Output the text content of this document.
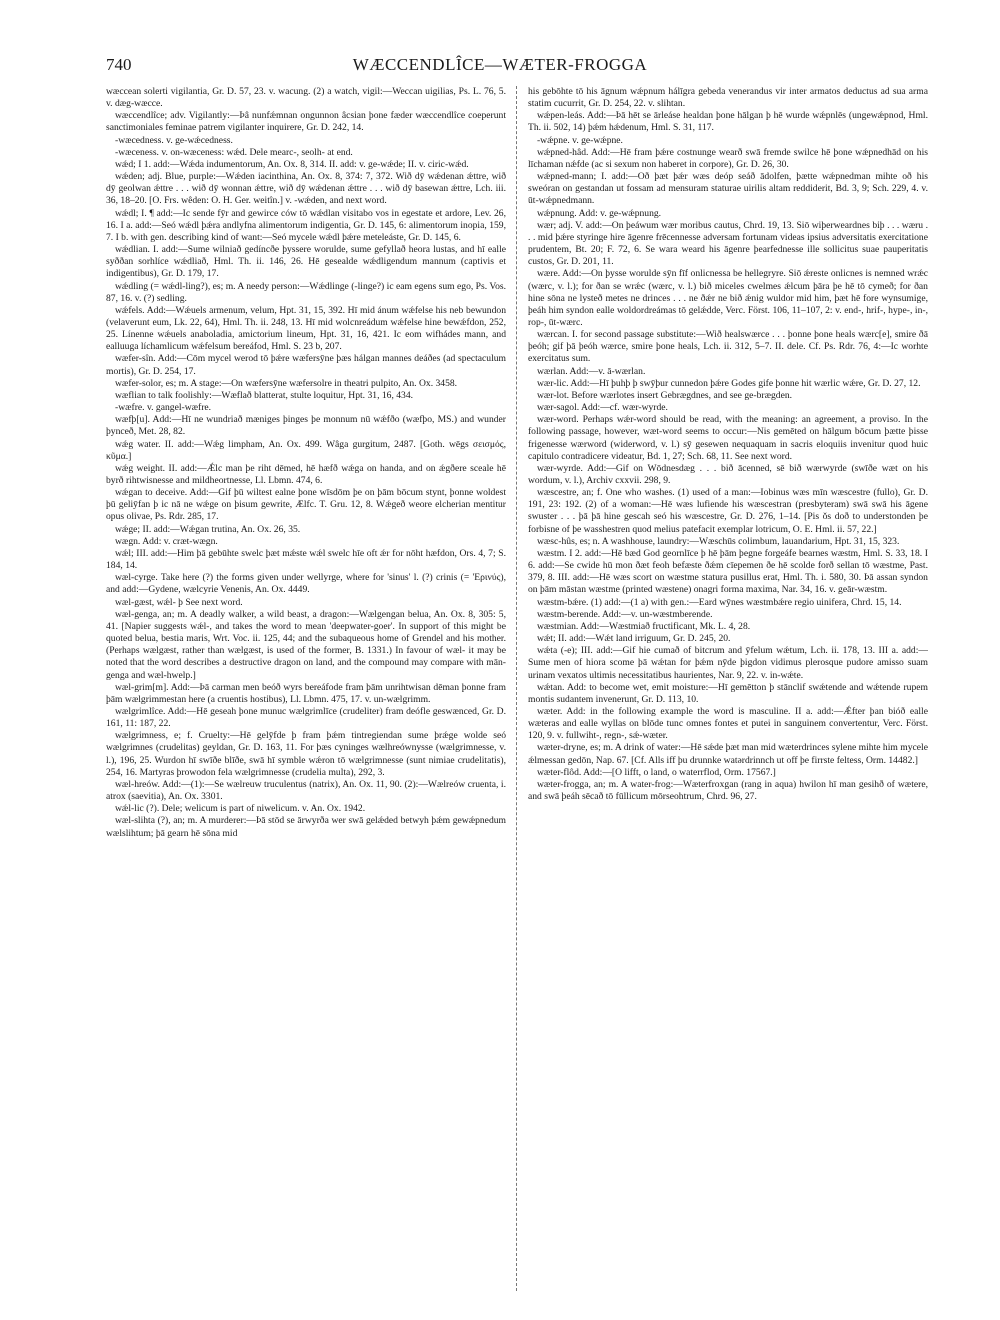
740	WÆCCENDLÎCE—WÆTER-FROGGA

wæccean solerti vigilantia, Gr. D. 57, 23. v. wacung. (2) a watch, vigil:—Weccan uigilias, Ps. L. 76, 5. v. dæg-wæcce.

wæccendlîce; adv. Vigilantly:—Þâ nunfǽmnan ongunnon âcsian þone fæder wæccendlîce coeperunt sanctimoniales feminae patrem vigilanter inquirere, Gr. D. 242, 14.

-wæcedness. v. ge-wǽcedness.

-wæceness. v. on-wæceness: wǽd. Dele mearc-, seolh- at end.

wǽd; I 1. add:—Wǽda indumentorum, An. Ox. 8, 314. II. add: v. ge-wǽde; II. v. ciric-wǽd.

wǽden; adj. Blue, purple:—Wǽden iacinthina, An. Ox. 8, 374: 7, 372. Wið dȳ wǽdenan ǽttre, wið dȳ geolwan ǽttre . . . wið dȳ wonnan ǽttre, wið dȳ wǽdenan ǽttre . . . wið dȳ basewan ǽttre, Lch. iii. 36, 18–20. [O. Frs. wêden: O. H. Ger. weitîn.] v. -wǽden, and next word.

wǽdl; I. ¶ add:—Ic sende fȳr and gewirce ców tō wǽdlan visitabo vos in egestate et ardore, Lev. 26, 16. I a. add:—Seó wǽdl þǽra andlyfna alimentorum indigentia, Gr. D. 145, 6: alimentorum inopia, 159, 7. I b. with gen. describing kind of want:—Seó mycele wǽdl þǽre meteleáste, Gr. D. 145, 6.

wǽdlian. I. add:—Sume wilniað gedíncðe þyssere woruldе, sume gefyllað heora lustas, and hī ealle syððan sorhlíce wǽdliað, Hml. Th. ii. 146, 26. Hē gesealde wǽdligendum mannum (captivis et indigentibus), Gr. D. 179, 17.

wǽdling (= wǽdl-ling?), es; m. A needy person:—Wǽdlinge (-linge?) ic eam egens sum ego, Ps. Vos. 87, 16. v. (?) sedling.

wǽfels. Add:—Wǽuels armenum, velum, Hpt. 31, 15, 392. Hī mid ánum wǽfelse his neb bewundon (velaverunt eum, Lk. 22, 64), Hml. Th. ii. 248, 13. Hī mid wolcnreádum wǽfelse hine bewǽfdon, 252, 25. Línenne wǽuels anaboladia, amictorium lineum, Hpt. 31, 16, 421. Ic eom wifhádes mann, and ealluuga líchamlicum wǽfelsum bereáfod, Hml. S. 23 b, 207.

wæfer-sîn. Add:—Cōm mycel werod tō þǽre wæfersȳne þæs hálgan mannes deáðes (ad spectaculum mortis), Gr. D. 254, 17.

wæfer-solor, es; m. A stage:—On wæfersȳne wæfersolre in theatri pulpito, An. Ox. 3458.

wæflian to talk foolishly:—Wæflað blatterat, stulte loquitur, Hpt. 31, 16, 434.

-wæfre. v. gangel-wæfre.

wæfþ[u]. Add:—Hī ne wundriað mæniges þinges þe monnum nū wǽfðo (wæfþo, MS.) and wunder þynceð, Met. 28, 82.

wǽg water. II. add:—Wǽg limpham, An. Ox. 499. Wâga gurgitum, 2487. [Goth. wēgs σεισμός, κῦμα.]

wǽg weight. II. add:—Ǽlc man þe riht dēmed, hē hæfð wǽga on handa, and on ǽgðere sceale hē byrð rihtwisnesse and mildheortnesse, Ll. Lbmn. 474, 6.

wǽgan to deceive. Add:—Gif þū wiltest ealne þone wīsdōm þe on þām bōcum stynt, þonne woldest þū geliȳfan þ ic nā ne wǽge on þisum gewrite, Ælfc. T. Gru. 12, 8. Wǽgeð weore elcherian mentitur opus olivae, Ps. Rdr. 285, 17.

wǽge; II. add:—Wǽgan trutina, An. Ox. 26, 35.

wægn. Add: v. cræt-wægn.

wǽl; III. add:—Him þā gebūhte swelc þæt mǽste wǽl swelc hīe oft ǽr for nōht hæfdon, Ors. 4, 7; S. 184, 14.

wæl-cyrge. Take here (?) the forms given under wellyrge, where for 'sinus' l. (?) crinis (= 'Ερινύς), and add:—Gydene, wælcyrie Venenis, An. Ox. 4449.

wæl-gæst, wǽl- þ See next word.

wæl-genga, an; m. A deadly walker, a wild beast, a dragon:—Wælgengan belua, An. Ox. 8, 305: 5, 41. [Napier suggests wǽl-, and takes the word to mean 'deepwater-goer'. In support of this might be quoted belua, bestia maris, Wrt. Voc. ii. 125, 44; and the subaqueous home of Grendel and his mother. (Perhaps wælgæst, rather than wælgæst, is used of the former, B. 1331.) In favour of wæl- it may be noted that the word describes a destructive dragon on land, and the compound may compare with mān-genga and wæl-hwelp.]

wæl-grim[m]. Add:—Þā carman men beóð wyrs bereáfode fram þām unrihtwisan dēman þonne fram þām wælgrimmestan here (a cruentis hostibus), Ll. Lbmn. 475, 17. v. un-wælgrimm.

wælgrimlîce. Add:—Hē geseah þone munuc wælgrimlīce (crudeliter) fram deófle geswænced, Gr. D. 161, 11: 187, 22.

wælgrimness, e; f. Cruelty:—Hē gelȳfde þ fram þǽm tintregiendan sume þrǽge wolde seó wælgrimnes (crudelitas) geyldan, Gr. D. 163, 11. For þæs cyninges wælhreównysse (wælgrimnesse, v. l.), 196, 25. Wurdon hī swīðe blīðe, swā hī symble wǽron tō wælgrimnesse (sunt nimiae crudelitatis), 254, 16. Martyras þrowodon fela wælgrimnesse (crudelia multa), 292, 3.

wæl-hreów. Add:—(1):—Se wælreuw truculentus (natrix), An. Ox. 11, 90. (2):—Wælreów cruenta, i. atrox (saevitia), An. Ox. 3301.

wǽl-lic (?). Dele; welicum is part of niwelicum. v. An. Ox. 1942.

wæl-slihta (?), an; m. A murderer:—Þā stōd se ārwyrða wer swā gelǽded betwyh þǽm gewǽpnedum wælslihtum; þā gearn hē sōna mid

his gebōhte tō his āgnum wǽpnum hálīgra gebeda venerandus vir inter armatos deductus ad sua arma statim cucurrit, Gr. D. 254, 22. v. slihtan.

wǽpen-leás. Add:—Þā hēt se ārleáse healdan þone hālgan þ hē wurde wǽpnlēs (ungewǽpnod, Hml. Th. ii. 502, 14) þǽm hǽdenum, Hml. S. 31, 117.

-wǽpne. v. ge-wǽpne.

wǽpned-hâd. Add:—Hē fram þǽre costnunge wearð swā fremde swilce hē þone wǽpnedhād on his līchaman nǽfde (ac si sexum non haberet in corpore), Gr. D. 26, 30.

wǽpned-mann; I. add:—Oð þæt þǽr wæs deóp seáð ādolfen, þætte wǽpnedman mihte oð his sweóran on gestandan ut fossam ad mensuram staturae uirilis altam reddiderit, Bd. 3, 9; Sch. 229, 4. v. ūt-wǽpnedmann.

wǽpnung. Add: v. ge-wǽpnung.

wær; adj. V. add:—On þeáwum wær moribus cautus, Chrd. 19, 13. Siō wiþerweardnes biþ . . . wæru . . . mid þǽre styringe hire āgenre frēcennesse adversam fortunam videas ipsius adversitatis exercitatione prudentem, Bt. 20; F. 72, 6. Se wara weard his āgenre þearfednesse ille sollicitus suae pauperitatis custos, Gr. D. 201, 11.

wære. Add:—On þysse woruldе sȳn fīf onlicnessa be hellegryre. Siō ǽreste onlicnes is nemned wrǽc (wærc, v. l.); for ðan se wrǽc (wærc, v. l.) bið miceles cwelmes ǽlcum þāra þe hē tō cymeð; for ðan hine sōna ne lysteð metes ne drinces . . . ne ðǽr ne bið ǽnig wuldor mid him, þæt hē fore wynsumige, þeáh him syndon ealle woldordreámas tō gelǽdde, Verc. Först. 106, 11–107, 2: v. end-, hrif-, hype-, in-, rop-, ūt-wærc.

wærcan. I. for second passage substitute:—Wið healswærce . . . þonne þone heals wærc[e], smire ðā þeóh; gif þā þeóh wærce, smire þone heals, Lch. ii. 312, 5–7. II. dele. Cf. Ps. Rdr. 76, 4:—Ic worhte exercitatus sum.

wærlan. Add:—v. ā-wærlan.

wær-lic. Add:—Hī þuhþ þ swȳþur cunnedon þǽre Godes gife þonne hit wærlic wǽre, Gr. D. 27, 12.

wær-lot. Before wærlotes insert Gebrægdnes, and see ge-brægden.

wær-sagol. Add:—cf. wær-wyrde.

wær-word. Perhaps wǽr-word should be read, with the meaning: an agreement, a proviso. In the following passage, however, wæt-word seems to occur:—Nis gemēted on hālgum bōcum þætte þisse frigenesse wærword (widerword, v. l.) sȳ gesewen nequaquam in sacris eloquiis invenitur quod huic capitulo contradicere videatur, Bd. 1, 27; Sch. 68, 11. See next word.

wær-wyrde. Add:—Gif on Wōdnesdæg . . . bið ācenned, sē bið wærwyrde (swīðe wæt on his wordum, v. l.), Archiv cxxvii. 298, 9.

wæscestre, an; f. One who washes. (1) used of a man:—Iobinus wæs mīn wæscestre (fullo), Gr. D. 191, 23: 192. (2) of a woman:—Hē wæs lufiende his wæscestran (presbyteram) swā swā his āgene swuster . . . þā þā hine gescah seó his wæscestre, Gr. D. 276, 1–14. [Pis ǒs doð to understonden þe forbisne of þe wasshestren quod melius patefacit exemplar lotricum, O. E. Hml. ii. 57, 22.]

wæsc-hûs, es; n. A washhouse, laundry:—Wæschūs colimbum, lauandarium, Hpt. 31, 15, 323.

wæstm. I 2. add:—Hē bæd God geornlīce þ hē þām þegne forgeáfe bearnes wæstm, Hml. S. 33, 18. I 6. add:—Se cwide hū mon ðæt feoh befæste ðǽm cīepemen ðe hē scolde forð sellan tō wæstme, Past. 379, 8. III. add:—Hē wæs scort on wæstme statura pusillus erat, Hml. Th. i. 580, 30. Þā assan syndon on þām māstan wæstme (printed wæstene) onagri forma maxima, Nar. 34, 16. v. geār-wæstm.

wæstm-bǽre. (1) add:—(1 a) with gen.:—Eard wȳnes wæstmbǽre regio uinifera, Chrd. 15, 14.

wæstm-berende. Add:—v. un-wæstmberende.

wæstmian. Add:—Wæstmiað fructificant, Mk. L. 4, 28.

wǽt; II. add:—Wǽt land irriguum, Gr. D. 245, 20.

wǽta (-e); III. add:—Gif hie cumað of bitcrum and ȳfelum wǽtum, Lch. ii. 178, 13. III a. add:—Sume men of hiora scome þā wǽtan for þǽm nȳde þigdon vidimus plerosque pudore amisso suam urinam vexatos ultimis necessitatibus haurientes, Nar. 9, 22. v. in-wǽte.

wǽtan. Add: to become wet, emit moisture:—Hī gemētton þ stānclif swǽtende and wǽtende rupem montis sudantem invenerunt, Gr. D. 113, 10.

wæter. Add: in the following example the word is masculine. II a. add:—Ǽfter þan bióð ealle wæteras and ealle wyllas on blōde tunc omnes fontes et putei in sanguinem convertentur, Verc. Först. 120, 9. v. fullwiht-, regn-, sǽ-wæter.

wæter-dryne, es; m. A drink of water:—Hē sǽde þæt man mid wæterdrinces sylene mihte him mycele ǽlmessan gedōn, Nap. 67. [Cf. Alls iff þu drunnke watərdrinnch ut off þe firrste feltess, Orm. 14482.]

wæter-flôd. Add:—[O lifft, o land, o waterrflod, Orm. 17567.]

wæter-frogga, an; m. A water-frog:—Wæterfroxgan (rang in aqua) hwilon hī man gesihð of wætere, and swā þeáh sēcað tō fūllicum mōrseohtrum, Chrd. 96, 27.
